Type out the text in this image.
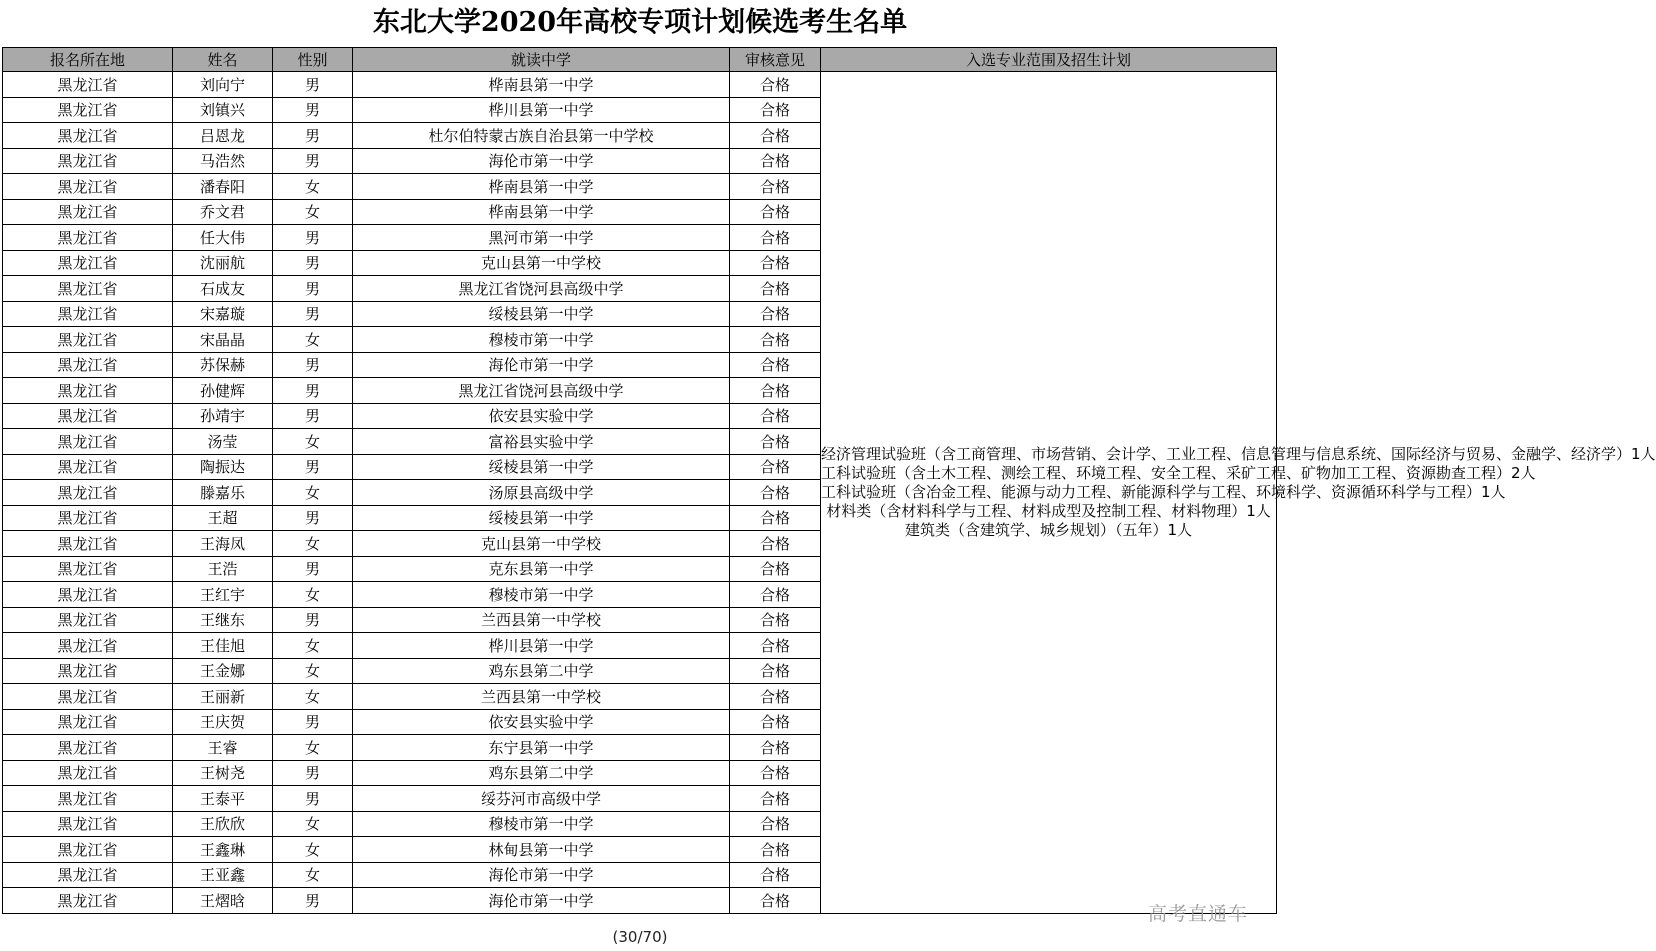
东北大学2020年高校专项计划候选考生名单
报名所在地	姓名	性别	就读中学	审核意见	入选专业范围及招生计划
黑龙江省	刘向宁	男	桦南县第一中学	合格	经济管理试验班（含工商管理、市场营销、会计学、工业工程、信息管理与信息系统、国际经济与贸易、金融学、经济学）1人
工科试验班（含土木工程、测绘工程、环境工程、安全工程、采矿工程、矿物加工工程、资源勘查工程）2人
工科试验班（含冶金工程、能源与动力工程、新能源科学与工程、环境科学、资源循环科学与工程）1人
材料类（含材料科学与工程、材料成型及控制工程、材料物理）1人
建筑类（含建筑学、城乡规划）（五年）1人

黑龙江省	刘镇兴	男	桦川县第一中学	合格	
黑龙江省	吕恩龙	男	杜尔伯特蒙古族自治县第一中学校	合格	
黑龙江省	马浩然	男	海伦市第一中学	合格	
黑龙江省	潘春阳	女	桦南县第一中学	合格	
黑龙江省	乔文君	女	桦南县第一中学	合格	
黑龙江省	任大伟	男	黑河市第一中学	合格	
黑龙江省	沈丽航	男	克山县第一中学校	合格	
黑龙江省	石成友	男	黑龙江省饶河县高级中学	合格	
黑龙江省	宋嘉璇	男	绥棱县第一中学	合格	
黑龙江省	宋晶晶	女	穆棱市第一中学	合格	
黑龙江省	苏保赫	男	海伦市第一中学	合格	
黑龙江省	孙健辉	男	黑龙江省饶河县高级中学	合格	
黑龙江省	孙靖宇	男	依安县实验中学	合格	
黑龙江省	汤莹	女	富裕县实验中学	合格	
黑龙江省	陶振达	男	绥棱县第一中学	合格	
黑龙江省	滕嘉乐	女	汤原县高级中学	合格	
黑龙江省	王超	男	绥棱县第一中学	合格	
黑龙江省	王海凤	女	克山县第一中学校	合格	
黑龙江省	王浩	男	克东县第一中学	合格	
黑龙江省	王红宇	女	穆棱市第一中学	合格	
黑龙江省	王继东	男	兰西县第一中学校	合格	
黑龙江省	王佳旭	女	桦川县第一中学	合格	
黑龙江省	王金娜	女	鸡东县第二中学	合格	
黑龙江省	王丽新	女	兰西县第一中学校	合格	
黑龙江省	王庆贺	男	依安县实验中学	合格	
黑龙江省	王睿	女	东宁县第一中学	合格	
黑龙江省	王树尧	男	鸡东县第二中学	合格	
黑龙江省	王泰平	男	绥芬河市高级中学	合格	
黑龙江省	王欣欣	女	穆棱市第一中学	合格	
黑龙江省	王鑫琳	女	林甸县第一中学	合格	
黑龙江省	王亚鑫	女	海伦市第一中学	合格	
黑龙江省	王熠晗	男	海伦市第一中学	合格	
高考直通车
(30/70)
